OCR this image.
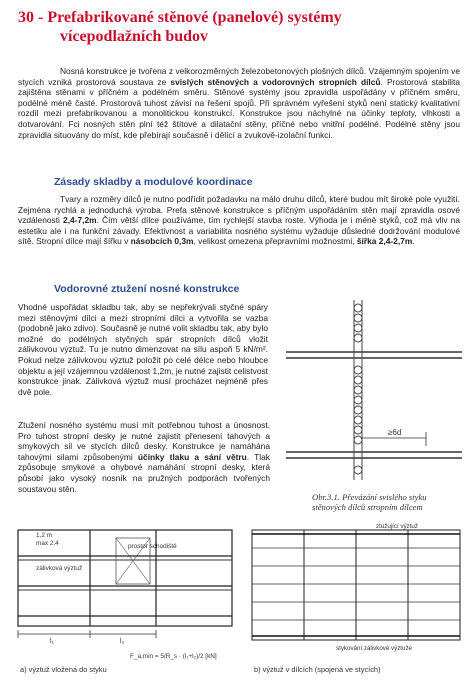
30 - Prefabrikované stěnové (panelové) systémy
vícepodlažních budov

Nosná konstrukce je tvořena z velkorozměrných železobetonových plošných dílců. Vzájemným spojením ve stycích vzniká prostorová soustava ze svislých stěnových a vodorovných stropních dílců. Prostorová stabilita zajištěna stěnami v příčném a podélném směru. Stěnové systémy jsou zpravidla uspořádány v příčném směru, podélné méně časté. Prostorová tuhost závisí na řešení spojů. Při správném vyřešení styků není statický kvalitativní rozdíl mezi prefabrikovanou a monolitickou konstrukcí. Konstrukce jsou náchylné na účinky teploty, vlhkosti a dotvarování. Fci nosných stěn plní též štítové a dilatační stěny, příčné nebo vnitřní podélné. Podélné stěny jsou zpravidla situovány do míst, kde přebírají současně i dělící a zvukově-izolační funkci.

Zásady skladby a modulové koordinace

Tvary a rozměry dílců je nutno podřídit požadavku na málo druhu dílců, které budou mít široké pole využití. Zejména rychlá a jednoduchá výroba. Prefa stěnové konstrukce s příčným uspořádáním stěn mají zpravidla osové vzdálenosti 2,4-7,2m. Čím větší dílce používáme, tím rychlejší stavba roste. Výhoda je i méně styků, což má vliv na estetiku ale i na funkční závady. Efektivnost a variabilita nosného systému vyžaduje důsledné dodržování modulové sítě. Stropní dílce mají šířku v násobcích 0,3m, velikost omezena přepravními možnostmi, šířka 2,4-2,7m.

Vodorovné ztužení nosné konstrukce

Vhodné uspořádat skladbu tak, aby se nepřekrývali styčné spáry mezi stěnovými dílci a mezi stropními dílci a vytvořila se vazba (podobně jako zdivo). Současně je nutné volit skladbu tak, aby bylo možné do podélných styčných spár stropních dílců vložit zálivkovou výztuž. Tu je nutno dimenzovat na sílu aspoň 5 kN/m². Pokud nelze zálivkovou výztuž položit po celé délce nebo hloubce objektu a její vzájemnou vzdálenost 1,2m, je nutné zajistit celistvost konstrukce jinak. Zálivková výztuž musí procházet nejméně přes dvě pole.

Ztužení nosného systému musí mít potřebnou tuhost a únosnost. Pro tuhost stropní desky je nutné zajistit přenesení tahových a smykových sil ve stycích dílců desky. Konstrukce je namáhána tahovými silami způsobenými účinky tlaku a sání větru. Tlak způsobuje smykové a ohybové namáhání stropní desky, která působí jako vysoký nosník na pružných podporách tvořených soustavou stěn.

≥6d
Obr.3.1. Převázání svislého styku
stěnových dílců stropním dílcem
prostor schodiště
1,2 m
max 2,4
zálivková výztuž
l₁	l₂
F_a,min = 5/R_s · (l₁+l₂)/2 [kN]
a) výztuž vložená do styku
ztužující výztuž
stykování zálivkové výztuže
b) výztuž v dílcích (spojená ve stycích)
